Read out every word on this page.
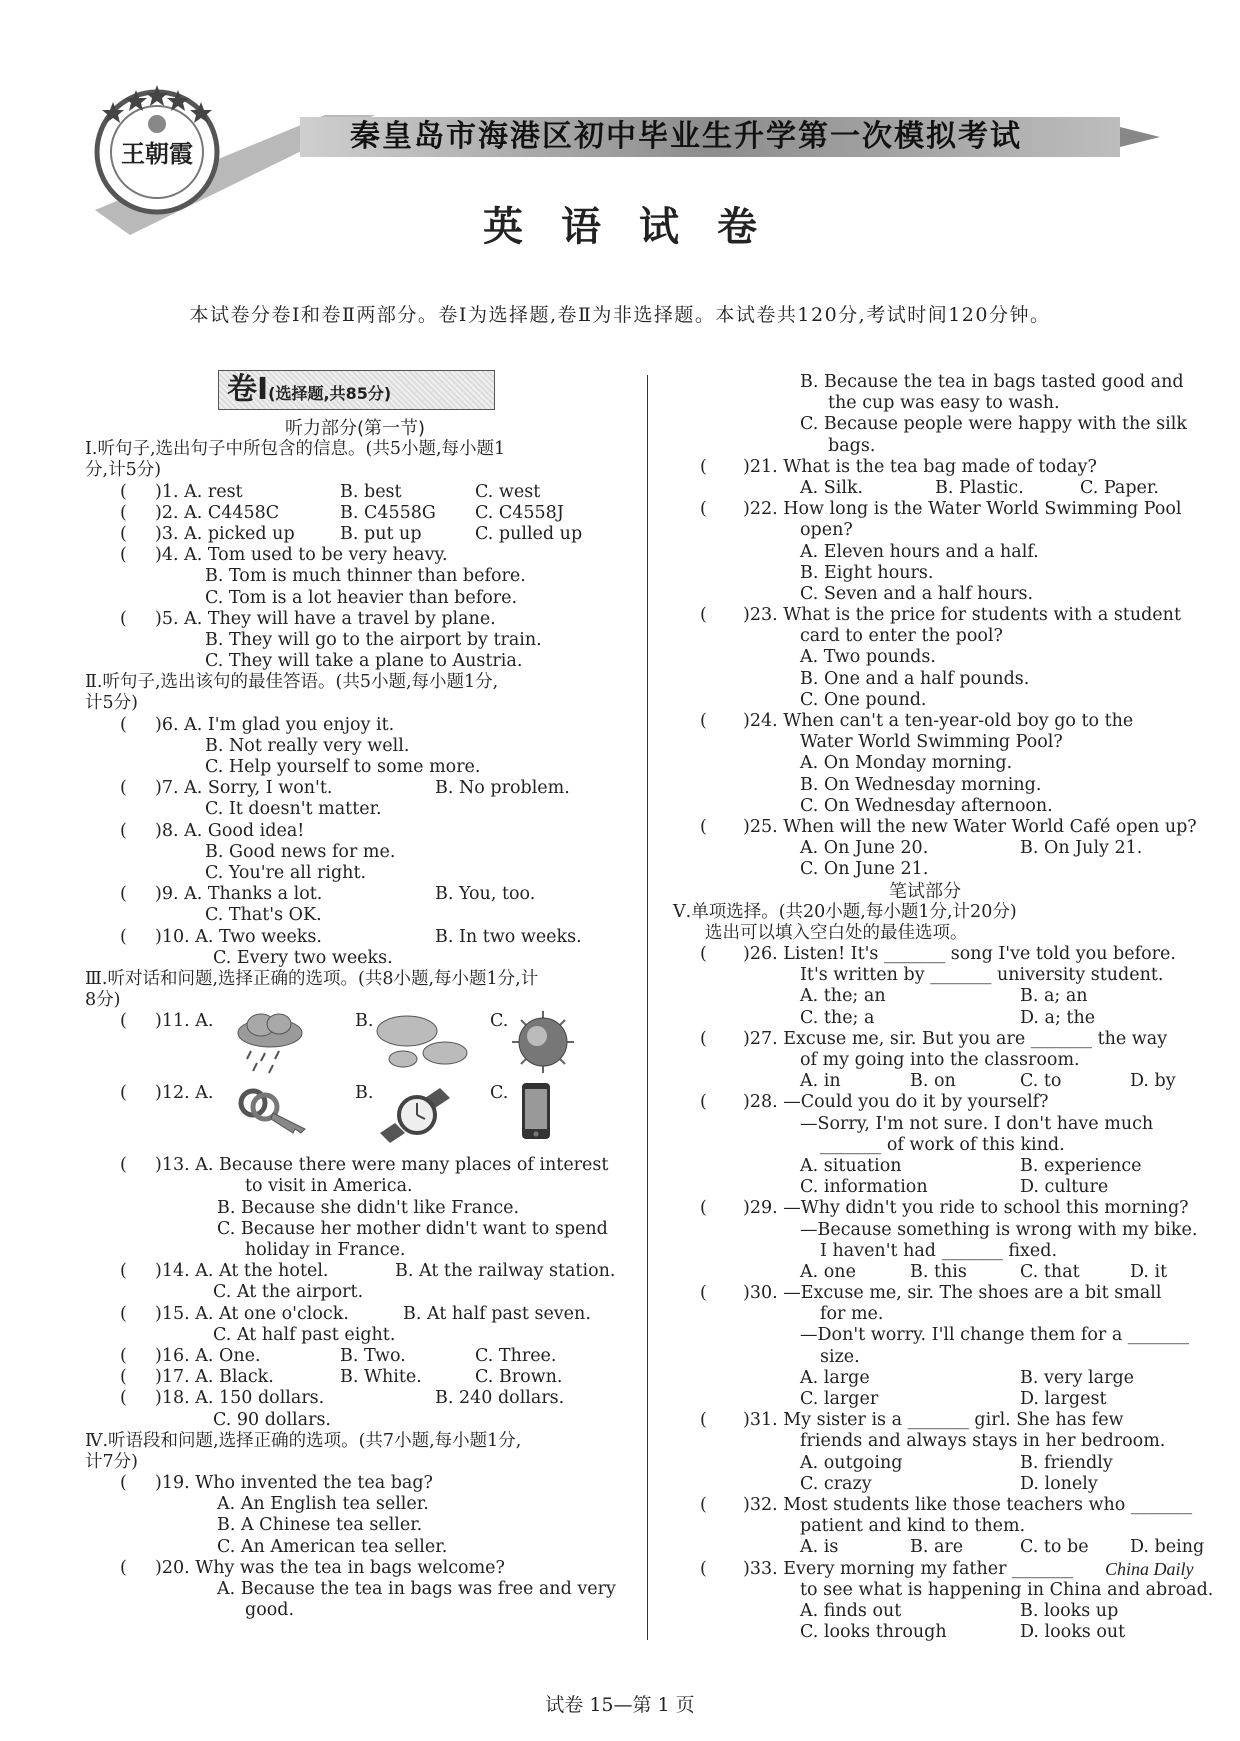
秦皇岛市海港区初中毕业生升学第一次模拟考试
王朝霞
英语试卷
本试卷分卷Ⅰ和卷Ⅱ两部分。卷Ⅰ为选择题,卷Ⅱ为非选择题。本试卷共120分,考试时间120分钟。
卷Ⅰ(选择题,共85分)
听力部分(第一节)
Ⅰ.听句子,选出句子中所包含的信息。(共5小题,每小题1
分,计5分)
( )1. A. rest	B. best	C. west
( )2. A. C4458C	B. C4558G C. C4558J
( )3. A. picked up	B. put up	C. pulled up
( )4. A. Tom used to be very heavy.
B. Tom is much thinner than before.
C. Tom is a lot heavier than before.
( )5. A. They will have a travel by plane.
B. They will go to the airport by train.
C. They will take a plane to Austria.
Ⅱ.听句子,选出该句的最佳答语。(共5小题,每小题1分,
计5分)
( )6. A. I'm glad you enjoy it.
B. Not really very well.
C. Help yourself to some more.
( )7. A. Sorry, I won't.	B. No problem.
C. It doesn't matter.
( )8. A. Good idea!
B. Good news for me.
C. You're all right.
( )9. A. Thanks a lot.	B. You, too.
C. That's OK.
( )10. A. Two weeks.	B. In two weeks.
C. Every two weeks.
Ⅲ.听对话和问题,选择正确的选项。(共8小题,每小题1分,计
8分)
( )11. A.	B.	C.
( )12. A.	B.	C.
( )13. A. Because there were many places of interest
to visit in America.
B. Because she didn't like France.
C. Because her mother didn't want to spend
holiday in France.
( )14. A. At the hotel.	B. At the railway station.
C. At the airport.
( )15. A. At one o'clock.	B. At half past seven.
C. At half past eight.
( )16. A. One.	B. Two.	C. Three.
( )17. A. Black.	B. White.	C. Brown.
( )18. A. 150 dollars.	B. 240 dollars.
C. 90 dollars.
Ⅳ.听语段和问题,选择正确的选项。(共7小题,每小题1分,
计7分)
( )19. Who invented the tea bag?
A. An English tea seller.
B. A Chinese tea seller.
C. An American tea seller.
( )20. Why was the tea in bags welcome?
A. Because the tea in bags was free and very
good.
B. Because the tea in bags tasted good and
the cup was easy to wash.
C. Because people were happy with the silk
bags.
( )21. What is the tea bag made of today?
A. Silk.	B. Plastic.	C. Paper.
( )22. How long is the Water World Swimming Pool
open?
A. Eleven hours and a half.
B. Eight hours.
C. Seven and a half hours.
( )23. What is the price for students with a student
card to enter the pool?
A. Two pounds.
B. One and a half pounds.
C. One pound.
( )24. When can't a ten-year-old boy go to the
Water World Swimming Pool?
A. On Monday morning.
B. On Wednesday morning.
C. On Wednesday afternoon.
( )25. When will the new Water World Café open up?
A. On June 20.	B. On July 21.
C. On June 21.
笔试部分
Ⅴ.单项选择。(共20小题,每小题1分,计20分)
选出可以填入空白处的最佳选项。
( )26. Listen! It's _______ song I've told you before.
It's written by _______ university student.
A. the; an	B. a; an
C. the; a	D. a; the
( )27. Excuse me, sir. But you are _______ the way
of my going into the classroom.
A. in	B. on	C. to	D. by
( )28. —Could you do it by yourself?
—Sorry, I'm not sure. I don't have much
_______ of work of this kind.
A. situation	B. experience
C. information	D. culture
( )29. —Why didn't you ride to school this morning?
—Because something is wrong with my bike.
I haven't had _______ fixed.
A. one	B. this	C. that	D. it
( )30. —Excuse me, sir. The shoes are a bit small
for me.
—Don't worry. I'll change them for a _______
size.
A. large	B. very large
C. larger	D. largest
( )31. My sister is a _______ girl. She has few
friends and always stays in her bedroom.
A. outgoing	B. friendly
C. crazy	D. lonely
( )32. Most students like those teachers who _______
patient and kind to them.
A. is	B. are	C. to be D. being
( )33. Every morning my father _______ China Daily
to see what is happening in China and abroad.
A. finds out	B. looks up
C. looks through	D. looks out
试卷 15—第 1 页
